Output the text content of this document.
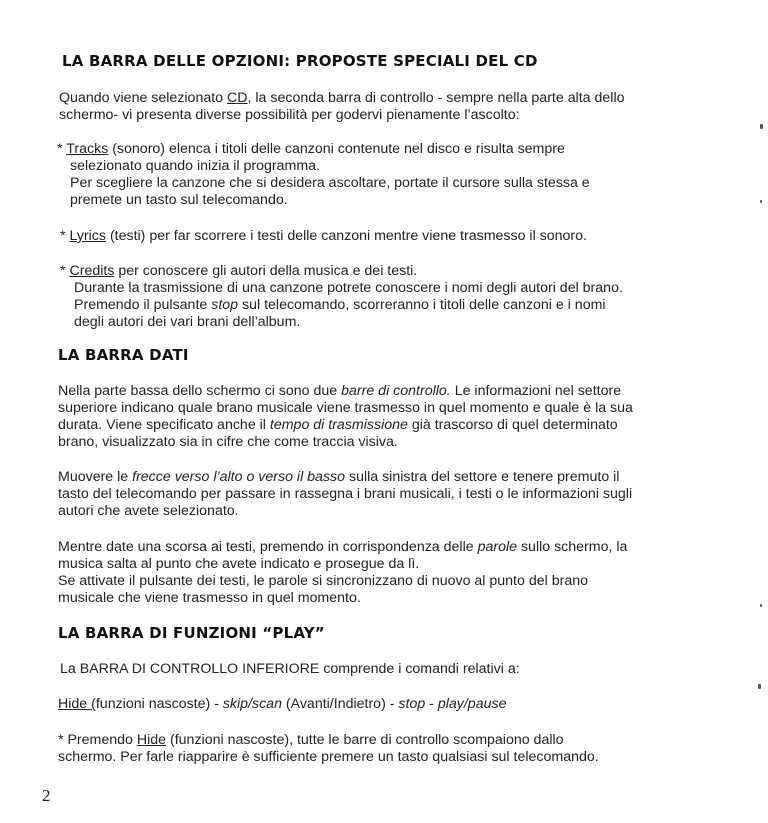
LA BARRA DELLE OPZIONI: PROPOSTE SPECIALI DEL CD

Quando viene selezionato CD, la seconda barra di controllo - sempre nella parte alta dello

schermo- vi presenta diverse possibilità per godervi pienamente l’ascolto:

* Tracks (sonoro) elenca i titoli delle canzoni contenute nel disco e risulta sempre

selezionato quando inizia il programma.

Per scegliere la canzone che si desidera ascoltare, portate il cursore sulla stessa e

premete un tasto sul telecomando.

* Lyrics (testi) per far scorrere i testi delle canzoni mentre viene trasmesso il sonoro.

* Credits per conoscere gli autori della musica e dei testi.

Durante la trasmissione di una canzone potrete conoscere i nomi degli autori del brano.

Premendo il pulsante stop sul telecomando, scorreranno i titoli delle canzoni e i nomi

degli autori dei vari brani dell’album.

LA BARRA DATI

Nella parte bassa dello schermo ci sono due barre di controllo. Le informazioni nel settore

superiore indicano quale brano musicale viene trasmesso in quel momento e quale è la sua

durata. Viene specificato anche il tempo di trasmissione già trascorso di quel determinato

brano, visualizzato sia in cifre che come traccia visiva.

Muovere le frecce verso l’alto o verso il basso sulla sinistra del settore e tenere premuto il

tasto del telecomando per passare in rassegna i brani musicali, i testi o le informazioni sugli

autori che avete selezionato.

Mentre date una scorsa ai testi, premendo in corrispondenza delle parole sullo schermo, la

musica salta al punto che avete indicato e prosegue da lì.

Se attivate il pulsante dei testi, le parole si sincronizzano di nuovo al punto del brano

musicale che viene trasmesso in quel momento.

LA BARRA DI FUNZIONI “PLAY”

La BARRA DI CONTROLLO INFERIORE comprende i comandi relativi a:

Hide (funzioni nascoste) - skip/scan (Avanti/Indietro) - stop - play/pause

* Premendo Hide (funzioni nascoste), tutte le barre di controllo scompaiono dallo

schermo. Per farle riapparire è sufficiente premere un tasto qualsiasi sul telecomando.

2
